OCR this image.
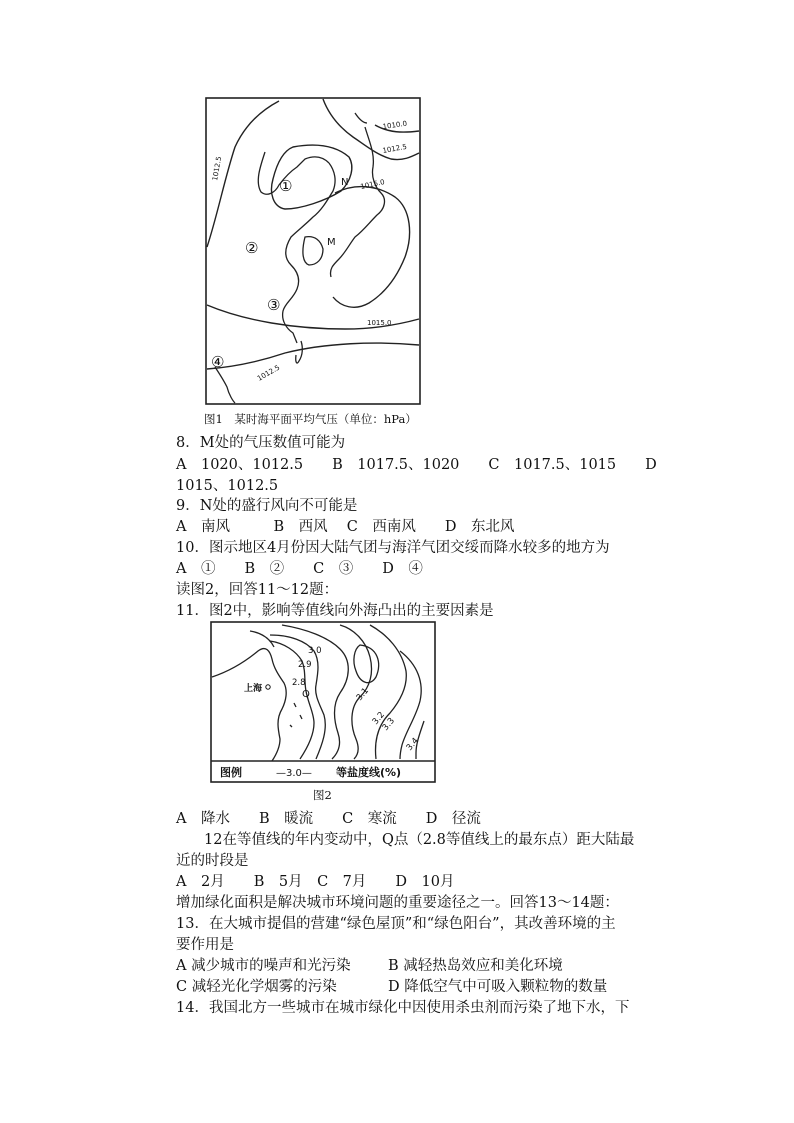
1010.0
1012.5
1012.5
1015.0
1015.0
1012.5
①
②
③
④
N
M
图1　某时海平面平均气压（单位：hPa）
8．M处的气压数值可能为
A　1020、1012.5　　B　1017.5、1020　　C　1017.5、1015　　D
1015、1012.5
9．N处的盛行风向不可能是
A　南风　　　B　西风　 C　西南风　　D　东北风
10．图示地区4月份因大陆气团与海洋气团交绥而降水较多的地方为
A　①　　B　②　　C　③　　D　④
读图2，回答11～12题：
11．图2中，影响等值线向外海凸出的主要因素是
2.9
2.8
3.0
3.1
3.2
3.3
3.4
上海	Q
图例	—3.0— 等盐度线(%)
图2
A　降水　　B　暖流　　C　寒流　　D　径流
12在等值线的年内变动中，Q点（2.8等值线上的最东点）距大陆最
近的时段是
A　2月　　B　5月　C　7月　　D　10月
增加绿化面积是解决城市环境问题的重要途径之一。回答13～14题：
13．在大城市提倡的营建“绿色屋顶”和“绿色阳台”，其改善环境的主
要作用是
A 减少城市的噪声和光污染	B 减轻热岛效应和美化环境
C 减轻光化学烟雾的污染	D 降低空气中可吸入颗粒物的数量
14．我国北方一些城市在城市绿化中因使用杀虫剂而污染了地下水，下
